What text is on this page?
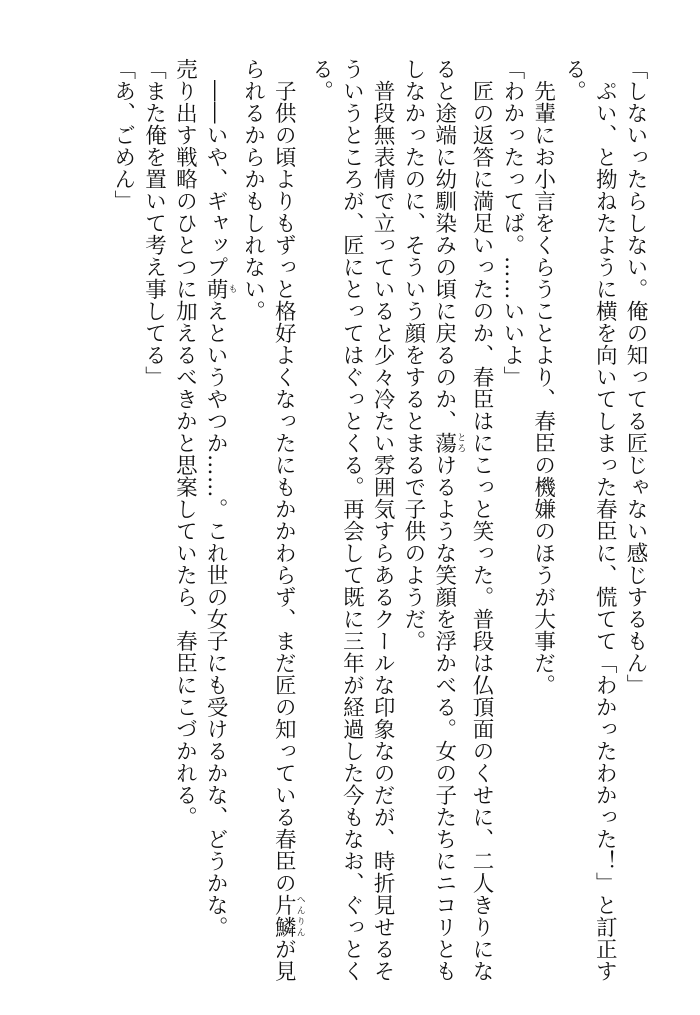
「しないったらしない。俺の知ってる匠じゃない感じするもん」
ぷい、と拗ねたように横を向いてしまった春臣に、慌てて「わかったわかった！」と訂正す
る。
先輩にお小言をくらうことより、春臣の機嫌のほうが大事だ。
「わかったってば。……いいよ」
匠の返答に満足いったのか、春臣はにこっと笑った。普段は仏頂面のくせに、二人きりにな
ると途端に幼馴染みの頃に戻るのか、蕩とろけるような笑顔を浮かべる。女の子たちにニコリとも
しなかったのに、そういう顔をするとまるで子供のようだ。
普段無表情で立っていると少々冷たい雰囲気すらあるクールな印象なのだが、時折見せるそ
ういうところが、匠にとってはぐっとくる。再会して既に三年が経過した今もなお、ぐっとく
る。
子供の頃よりもずっと格好よくなったにもかかわらず、まだ匠の知っている春臣の片鱗へんりんが見
られるからかもしれない。
――いや、ギャップ萌もえというやつか……。これ世の女子にも受けるかな、どうかな。
売り出す戦略のひとつに加えるべきかと思案していたら、春臣にこづかれる。
「また俺を置いて考え事してる」
「あ、ごめん」
